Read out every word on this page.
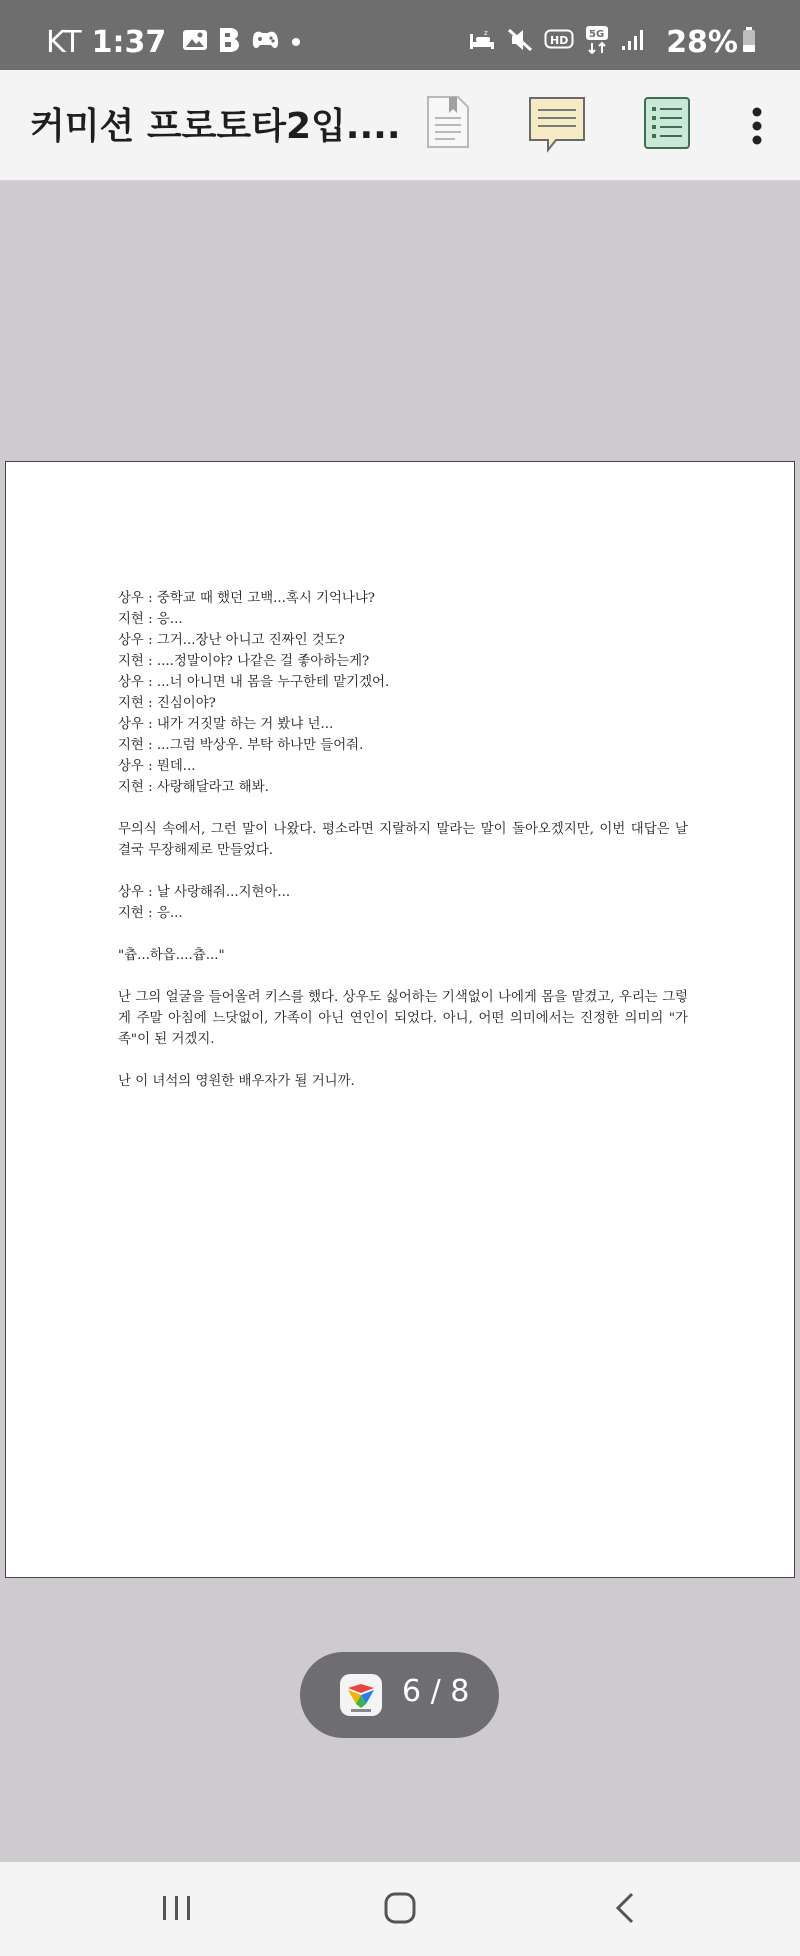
KT 1:37	z
HD 5G 28%
커미션 프로토타2입....
상우 : 중학교 때 했던 고백...혹시 기억나냐?
지현 : 응...
상우 : 그거...장난 아니고 진짜인 것도?
지현 : ....정말이야? 나같은 걸 좋아하는게?
상우 : ...너 아니면 내 몸을 누구한테 맡기겠어.
지현 : 진심이야?
상우 : 내가 거짓말 하는 거 봤냐 넌...
지현 : ...그럼 박상우. 부탁 하나만 들어줘.
상우 : 뭔데...
지현 : 사랑해달라고 해봐.
무의식 속에서, 그런 말이 나왔다. 평소라면 지랄하지 말라는 말이 돌아오겠지만, 이번 대답은 날 결국 무장해제로 만들었다.
상우 : 날 사랑해줘...지현아...
지현 : 응...
"츕...하읍....츕..."
난 그의 얼굴을 들어올려 키스를 했다. 상우도 싫어하는 기색없이 나에게 몸을 맡겼고, 우리는 그렇게 주말 아침에 느닷없이, 가족이 아닌 연인이 되었다. 아니, 어떤 의미에서는 진정한 의미의 "가족"이 된 거겠지.
난 이 녀석의 영원한 배우자가 될 거니까.
6 / 8
